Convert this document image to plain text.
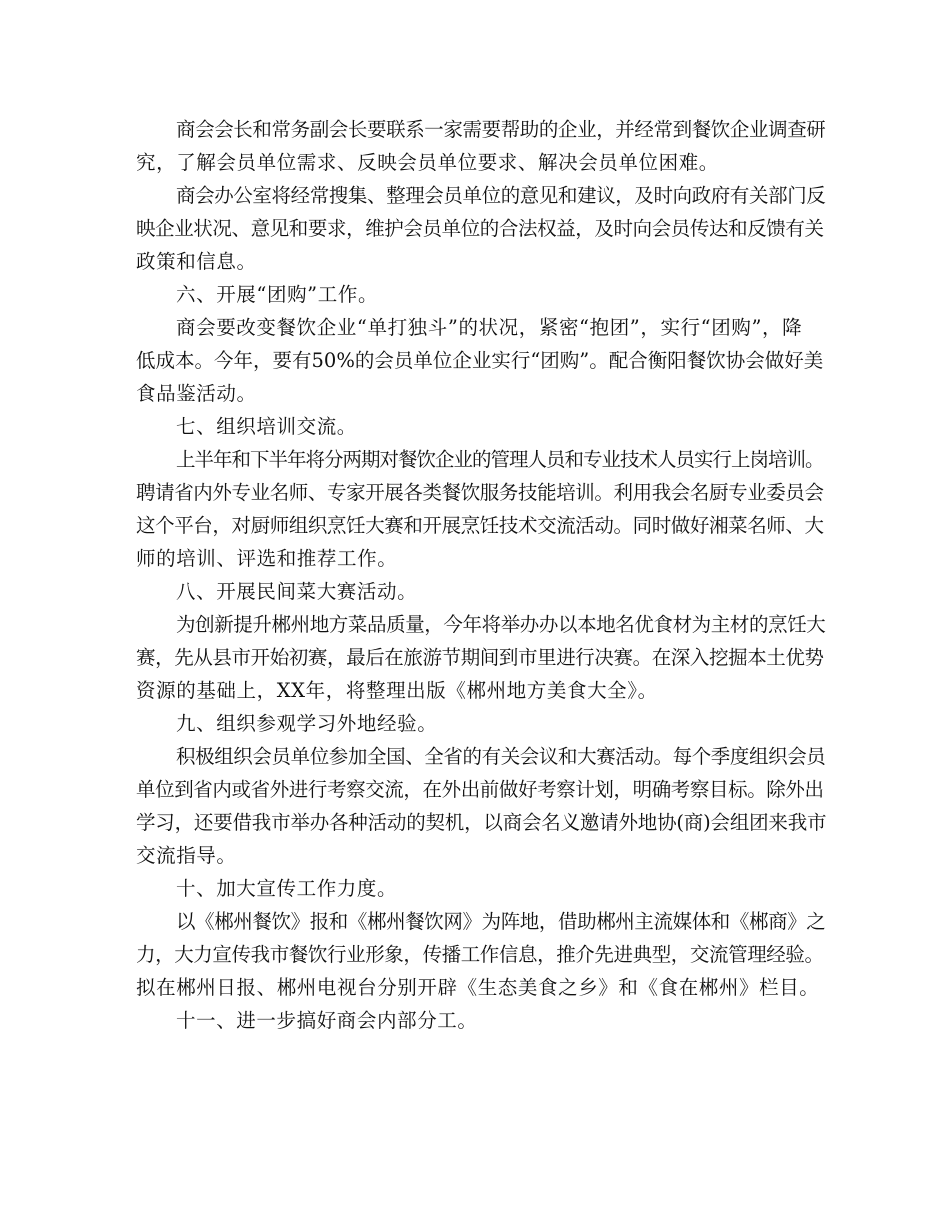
商会会长和常务副会长要联系一家需要帮助的企业，并经常到餐饮企业调查研
究，了解会员单位需求、反映会员单位要求、解决会员单位困难。
商会办公室将经常搜集、整理会员单位的意见和建议，及时向政府有关部门反
映企业状况、意见和要求，维护会员单位的合法权益，及时向会员传达和反馈有关
政策和信息。
六、开展“团购”工作。
商会要改变餐饮企业“单打独斗”的状况，紧密“抱团”，实行“团购”，降
低成本。今年，要有50%的会员单位企业实行“团购”。配合衡阳餐饮协会做好美
食品鉴活动。
七、组织培训交流。
上半年和下半年将分两期对餐饮企业的管理人员和专业技术人员实行上岗培训。
聘请省内外专业名师、专家开展各类餐饮服务技能培训。利用我会名厨专业委员会
这个平台，对厨师组织烹饪大赛和开展烹饪技术交流活动。同时做好湘菜名师、大
师的培训、评选和推荐工作。
八、开展民间菜大赛活动。
为创新提升郴州地方菜品质量，今年将举办办以本地名优食材为主材的烹饪大
赛，先从县市开始初赛，最后在旅游节期间到市里进行决赛。在深入挖掘本土优势
资源的基础上，XX年，将整理出版《郴州地方美食大全》。
九、组织参观学习外地经验。
积极组织会员单位参加全国、全省的有关会议和大赛活动。每个季度组织会员
单位到省内或省外进行考察交流，在外出前做好考察计划，明确考察目标。除外出
学习，还要借我市举办各种活动的契机，以商会名义邀请外地协(商)会组团来我市
交流指导。
十、加大宣传工作力度。
以《郴州餐饮》报和《郴州餐饮网》为阵地，借助郴州主流媒体和《郴商》之
力，大力宣传我市餐饮行业形象，传播工作信息，推介先进典型，交流管理经验。
拟在郴州日报、郴州电视台分别开辟《生态美食之乡》和《食在郴州》栏目。
十一、进一步搞好商会内部分工。
